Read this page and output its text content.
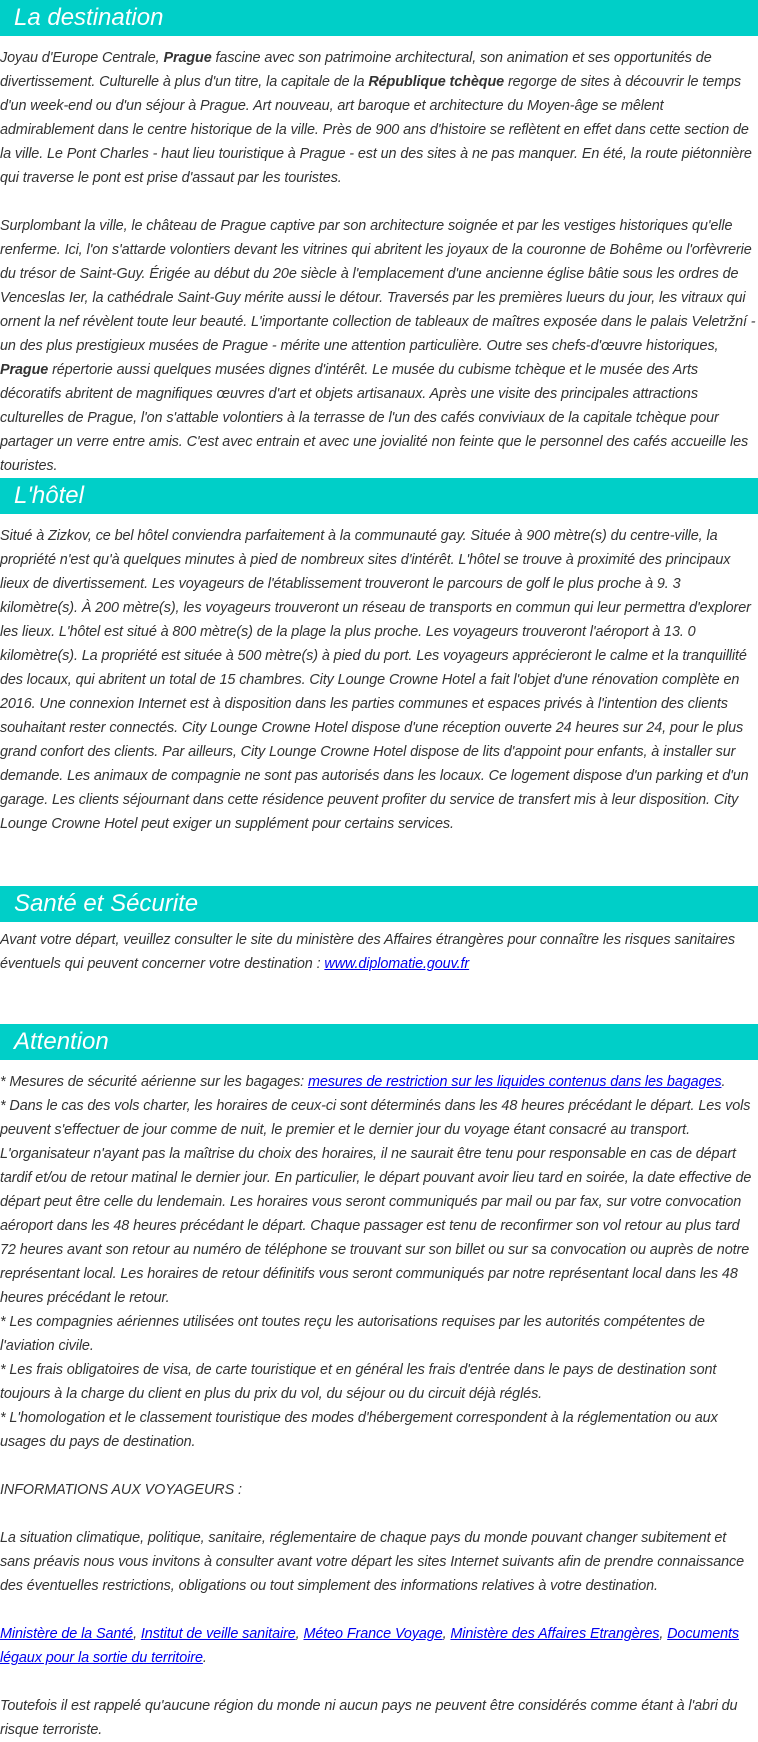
La destination

Joyau d'Europe Centrale, Prague fascine avec son patrimoine architectural, son animation et ses opportunités de divertissement. Culturelle à plus d'un titre, la capitale de la République tchèque regorge de sites à découvrir le temps d'un week-end ou d'un séjour à Prague. Art nouveau, art baroque et architecture du Moyen-âge se mêlent admirablement dans le centre historique de la ville. Près de 900 ans d'histoire se reflètent en effet dans cette section de la ville. Le Pont Charles - haut lieu touristique à Prague - est un des sites à ne pas manquer. En été, la route piétonnière qui traverse le pont est prise d'assaut par les touristes.

Surplombant la ville, le château de Prague captive par son architecture soignée et par les vestiges historiques qu'elle renferme. Ici, l'on s'attarde volontiers devant les vitrines qui abritent les joyaux de la couronne de Bohême ou l'orfèvrerie du trésor de Saint-Guy. Érigée au début du 20e siècle à l'emplacement d'une ancienne église bâtie sous les ordres de Venceslas Ier, la cathédrale Saint-Guy mérite aussi le détour. Traversés par les premières lueurs du jour, les vitraux qui ornent la nef révèlent toute leur beauté. L'importante collection de tableaux de maîtres exposée dans le palais Veletržní - un des plus prestigieux musées de Prague - mérite une attention particulière. Outre ses chefs-d'œuvre historiques, Prague répertorie aussi quelques musées dignes d'intérêt. Le musée du cubisme tchèque et le musée des Arts décoratifs abritent de magnifiques œuvres d'art et objets artisanaux. Après une visite des principales attractions culturelles de Prague, l'on s'attable volontiers à la terrasse de l'un des cafés conviviaux de la capitale tchèque pour partager un verre entre amis. C'est avec entrain et avec une jovialité non feinte que le personnel des cafés accueille les touristes.

L'hôtel

Situé à Zizkov, ce bel hôtel conviendra parfaitement à la communauté gay. Située à 900 mètre(s) du centre-ville, la propriété n'est qu'à quelques minutes à pied de nombreux sites d'intérêt. L'hôtel se trouve à proximité des principaux lieux de divertissement. Les voyageurs de l'établissement trouveront le parcours de golf le plus proche à 9. 3 kilomètre(s). À 200 mètre(s), les voyageurs trouveront un réseau de transports en commun qui leur permettra d'explorer les lieux. L'hôtel est situé à 800 mètre(s) de la plage la plus proche. Les voyageurs trouveront l'aéroport à 13. 0 kilomètre(s). La propriété est située à 500 mètre(s) à pied du port. Les voyageurs apprécieront le calme et la tranquillité des locaux, qui abritent un total de 15 chambres. City Lounge Crowne Hotel a fait l'objet d'une rénovation complète en 2016. Une connexion Internet est à disposition dans les parties communes et espaces privés à l'intention des clients souhaitant rester connectés. City Lounge Crowne Hotel dispose d'une réception ouverte 24 heures sur 24, pour le plus grand confort des clients. Par ailleurs, City Lounge Crowne Hotel dispose de lits d'appoint pour enfants, à installer sur demande. Les animaux de compagnie ne sont pas autorisés dans les locaux. Ce logement dispose d'un parking et d'un garage. Les clients séjournant dans cette résidence peuvent profiter du service de transfert mis à leur disposition. City Lounge Crowne Hotel peut exiger un supplément pour certains services.

Santé et Sécurite

Avant votre départ, veuillez consulter le site du ministère des Affaires étrangères pour connaître les risques sanitaires éventuels qui peuvent concerner votre destination : www.diplomatie.gouv.fr

Attention

* Mesures de sécurité aérienne sur les bagages: mesures de restriction sur les liquides contenus dans les bagages.

* Dans le cas des vols charter, les horaires de ceux-ci sont déterminés dans les 48 heures précédant le départ. Les vols peuvent s'effectuer de jour comme de nuit, le premier et le dernier jour du voyage étant consacré au transport. L'organisateur n'ayant pas la maîtrise du choix des horaires, il ne saurait être tenu pour responsable en cas de départ tardif et/ou de retour matinal le dernier jour. En particulier, le départ pouvant avoir lieu tard en soirée, la date effective de départ peut être celle du lendemain. Les horaires vous seront communiqués par mail ou par fax, sur votre convocation aéroport dans les 48 heures précédant le départ. Chaque passager est tenu de reconfirmer son vol retour au plus tard 72 heures avant son retour au numéro de téléphone se trouvant sur son billet ou sur sa convocation ou auprès de notre représentant local. Les horaires de retour définitifs vous seront communiqués par notre représentant local dans les 48 heures précédant le retour.

* Les compagnies aériennes utilisées ont toutes reçu les autorisations requises par les autorités compétentes de l'aviation civile.

* Les frais obligatoires de visa, de carte touristique et en général les frais d'entrée dans le pays de destination sont toujours à la charge du client en plus du prix du vol, du séjour ou du circuit déjà réglés.

* L'homologation et le classement touristique des modes d'hébergement correspondent à la réglementation ou aux usages du pays de destination.

INFORMATIONS AUX VOYAGEURS :

La situation climatique, politique, sanitaire, réglementaire de chaque pays du monde pouvant changer subitement et sans préavis nous vous invitons à consulter avant votre départ les sites Internet suivants afin de prendre connaissance des éventuelles restrictions, obligations ou tout simplement des informations relatives à votre destination.

Ministère de la Santé, Institut de veille sanitaire, Méteo France Voyage, Ministère des Affaires Etrangères, Documents légaux pour la sortie du territoire.

Toutefois il est rappelé qu'aucune région du monde ni aucun pays ne peuvent être considérés comme étant à l'abri du risque terroriste.
